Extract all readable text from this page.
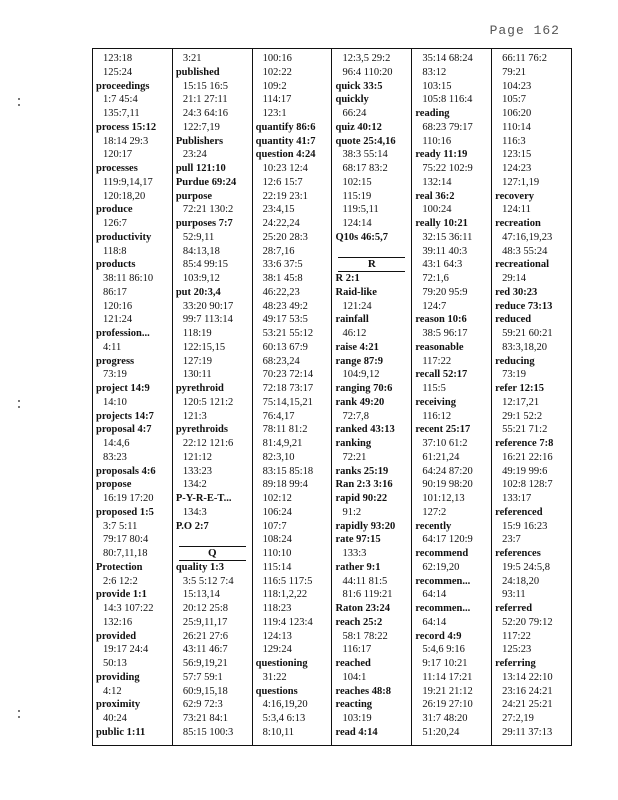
Page 162
123:18
125:24
proceedings
1:7 45:4
135:7,11
process 15:12
18:14 29:3
120:17
processes
119:9,14,17
120:18,20
produce
126:7
productivity
118:8
products
38:11 86:10
86:17
120:16
121:24
profession...
4:11
progress
73:19
project 14:9
14:10
projects 14:7
proposal 4:7
14:4,6
83:23
proposals 4:6
propose
16:19 17:20
proposed 1:5
3:7 5:11
79:17 80:4
80:7,11,18
Protection
2:6 12:2
provide 1:1
14:3 107:22
132:16
provided
19:17 24:4
50:13
providing
4:12
proximity
40:24
public 1:11
3:21
published
15:15 16:5
21:1 27:11
24:3 64:16
122:7,19
Publishers
23:24
pull 121:10
Purdue 69:24
purpose
72:21 130:2
purposes 7:7
52:9,11
84:13,18
85:4 99:15
103:9,12
put 20:3,4
33:20 90:17
99:7 113:14
118:19
122:15,15
127:19
130:11
pyrethroid
120:5 121:2
121:3
pyrethroids
22:12 121:6
121:12
133:23
134:2
P-Y-R-E-T...
134:3
P.O 2:7
Q
quality 1:3
3:5 5:12 7:4
15:13,14
20:12 25:8
25:9,11,17
26:21 27:6
43:11 46:7
56:9,19,21
57:7 59:1
60:9,15,18
62:9 72:3
73:21 84:1
85:15 100:3
100:16
102:22
109:2
114:17
123:1
quantify 86:6
quantity 41:7
question 4:24
10:23 12:4
12:6 15:7
22:19 23:1
23:4,15
24:22,24
25:20 28:3
28:7,16
33:6 37:5
38:1 45:8
46:22,23
48:23 49:2
49:17 53:5
53:21 55:12
60:13 67:9
68:23,24
70:23 72:14
72:18 73:17
75:14,15,21
76:4,17
78:11 81:2
81:4,9,21
82:3,10
83:15 85:18
89:18 99:4
102:12
106:24
107:7
108:24
110:10
115:14
116:5 117:5
118:1,2,22
118:23
119:4 123:4
124:13
129:24
questioning
31:22
questions
4:16,19,20
5:3,4 6:13
8:10,11
12:3,5 29:2
96:4 110:20
quick 33:5
quickly
66:24
quiz 40:12
quote 25:4,16
38:3 55:14
68:17 83:2
102:15
115:19
119:5,11
124:14
Q10s 46:5,7
R
R 2:1
Raid-like
121:24
rainfall
46:12
raise 4:21
range 87:9
104:9,12
ranging 70:6
rank 49:20
72:7,8
ranked 43:13
ranking
72:21
ranks 25:19
Ran 2:3 3:16
rapid 90:22
91:2
rapidly 93:20
rate 97:15
133:3
rather 9:1
44:11 81:5
81:6 119:21
Raton 23:24
reach 25:2
58:1 78:22
116:17
reached
104:1
reaches 48:8
reacting
103:19
read 4:14
35:14 68:24
83:12
103:15
105:8 116:4
reading
68:23 79:17
110:16
ready 11:19
75:22 102:9
132:14
real 36:2
100:24
really 10:21
32:15 36:11
39:11 40:3
43:1 64:3
72:1,6
79:20 95:9
124:7
reason 10:6
38:5 96:17
reasonable
117:22
recall 52:17
115:5
receiving
116:12
recent 25:17
37:10 61:2
61:21,24
64:24 87:20
90:19 98:20
101:12,13
127:2
recently
64:17 120:9
recommend
62:19,20
recommen...
64:14
recommen...
64:14
record 4:9
5:4,6 9:16
9:17 10:21
11:14 17:21
19:21 21:12
26:19 27:10
31:7 48:20
51:20,24
66:11 76:2
79:21
104:23
105:7
106:20
110:14
116:3
123:15
124:23
127:1,19
recovery
124:11
recreation
47:16,19,23
48:3 55:24
recreational
29:14
red 30:23
reduce 73:13
reduced
59:21 60:21
83:3,18,20
reducing
73:19
refer 12:15
12:17,21
29:1 52:2
55:21 71:2
reference 7:8
16:21 22:16
49:19 99:6
102:8 128:7
133:17
referenced
15:9 16:23
23:7
references
19:5 24:5,8
24:18,20
93:11
referred
52:20 79:12
117:22
125:23
referring
13:14 22:10
23:16 24:21
24:21 25:21
27:2,19
29:11 37:13
